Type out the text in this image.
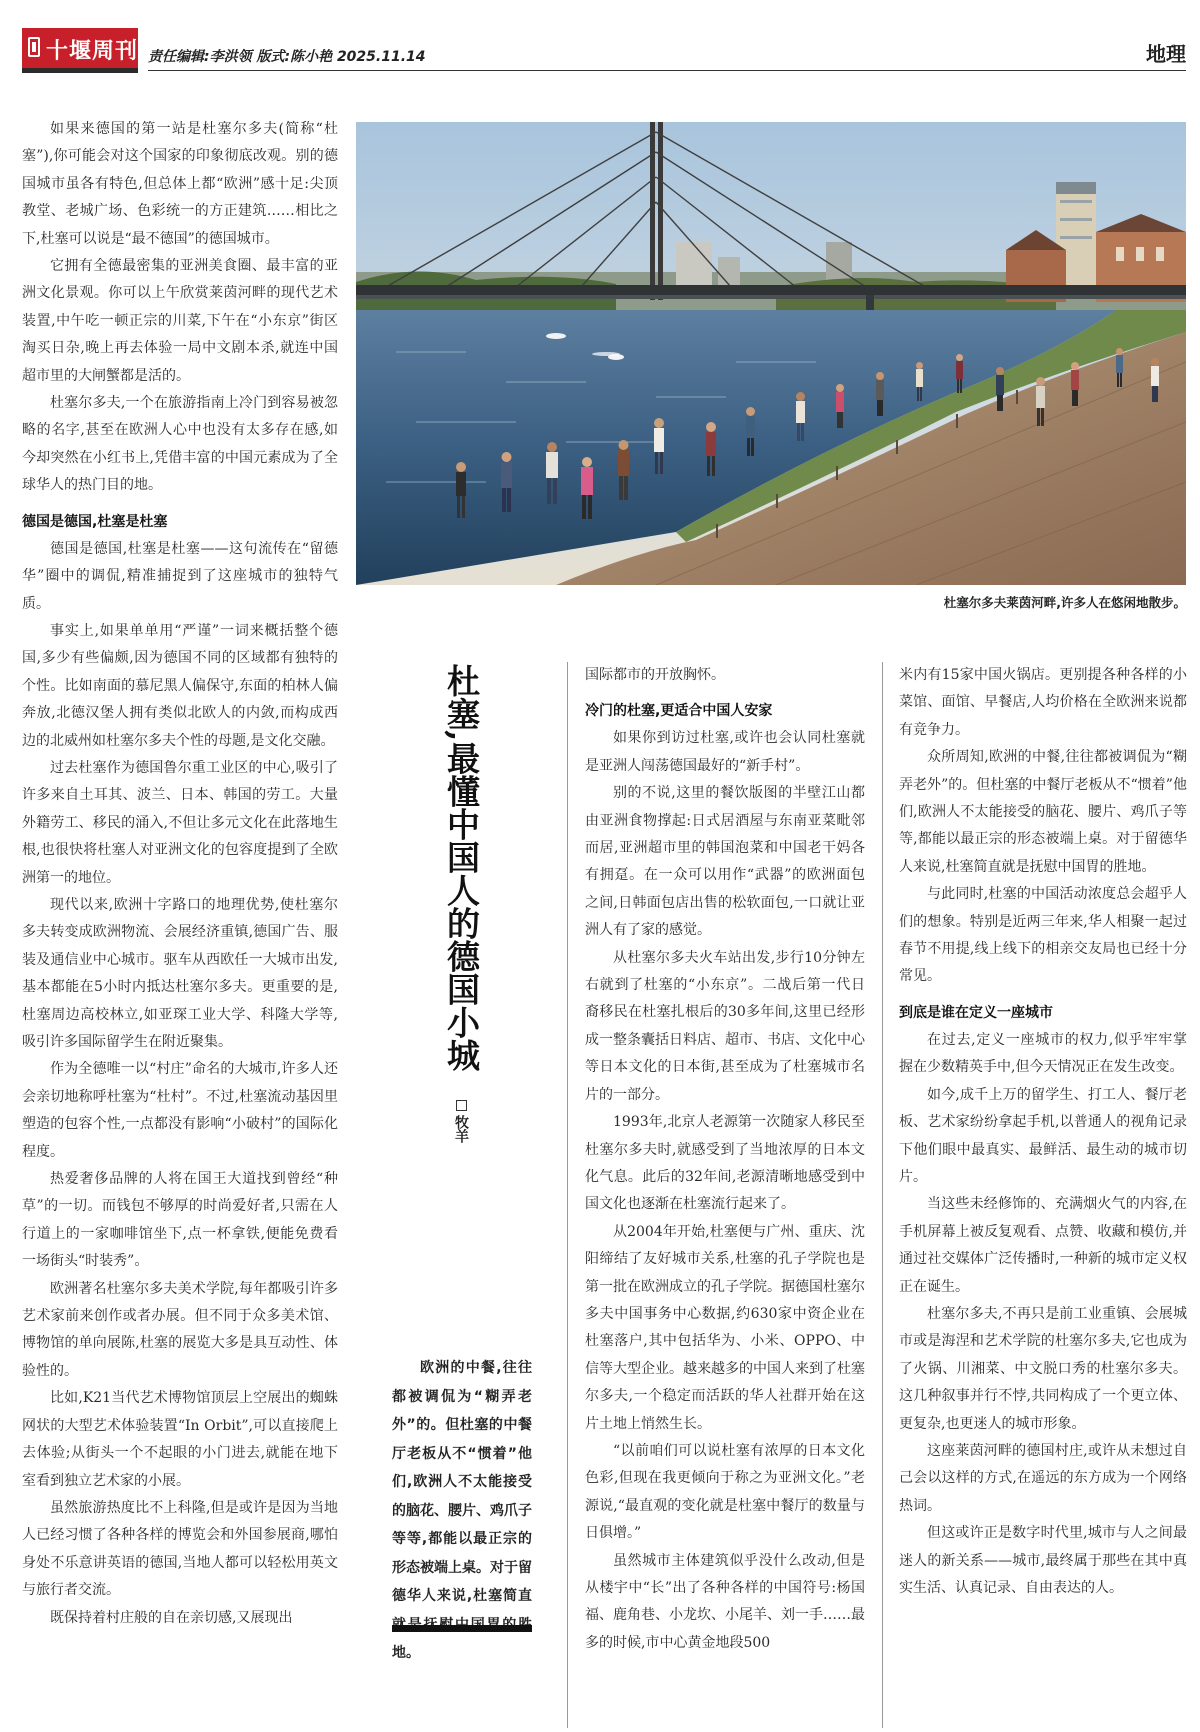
十堰周刊 责任编辑:李洪领 版式:陈小艳 2025.11.14	地理
杜塞尔多夫莱茵河畔,许多人在悠闲地散步。
杜塞,最懂中国人的德国小城
牧羊

欧洲的中餐,往往都被调侃为“糊弄老外”的。但杜塞的中餐厅老板从不“惯着”他们,欧洲人不太能接受的脑花、腰片、鸡爪子等等,都能以最正宗的形态被端上桌。对于留德华人来说,杜塞简直 地。

如果来德国的第一站是杜塞尔多夫(简称“杜塞”),你可能会对这个国家的印象彻底改观。别的德国城市虽各有特色,但总体上都“欧洲”感十足:尖顶教堂、老城广场、色彩统一的方正建筑……相比之下,杜塞可以说是“最不德国”的德国城市。

它拥有全德最密集的亚洲美食圈、最丰富的亚洲文化景观。你可以上午欣赏莱茵河畔的现代艺术装置,中午吃一顿正宗的川菜,下午在“小东京”街区淘买日杂,晚上再去体验一局中文剧本杀,就连中国超市里的大闸蟹都是活的。

杜塞尔多夫,一个在旅游指南上冷门到容易被忽略的名字,甚至在欧洲人心中也没有太多存在感,如今却突然在小红书上,凭借丰富的中国元素成为了全球华人的热门目的地。

德国是德国,杜塞是杜塞

德国是德国,杜塞是杜塞——这句流传在“留德华”圈中的调侃,精准捕捉到了这座城市的独特气质。

事实上,如果单单用“严谨”一词来概括整个德国,多少有些偏颇,因为德国不同的区域都有独特的个性。比如南面的慕尼黑人偏保守,东面的柏林人偏奔放,北德汉堡人拥有类似北欧人的内敛,而构成西边的北威州如杜塞尔多夫个性的母题,是文化交融。

过去杜塞作为德国鲁尔重工业区的中心,吸引了许多来自土耳其、波兰、日本、韩国的劳工。大量外籍劳工、移民的涌入,不但让多元文化在此落地生根,也很快将杜塞人对亚洲文化的包容度提到了全欧洲第一的地位。

现代以来,欧洲十字路口的地理优势,使杜塞尔多夫转变成欧洲物流、会展经济重镇,德国广告、服装及通信业中心城市。驱车从西欧任一大城市出发,基本都能在5小时内抵达杜塞尔多夫。更重要的是,杜塞周边高校林立,如亚琛工业大学、科隆大学等,吸引许多国际留学生在附近聚集。

作为全德唯一以“村庄”命名的大城市,许多人还会亲切地称呼杜塞为“杜村”。不过,杜塞流动基因里塑造的包容个性,一点都没有影响“小破村”的国际化程度。

热爱奢侈品牌的人将在国王大道找到曾经“种草”的一切。而钱包不够厚的时尚爱好者,只需在人行道上的一家咖啡馆坐下,点一杯拿铁,便能免费看一场街头“时装秀”。

欧洲著名杜塞尔多夫美术学院,每年都吸引许多艺术家前来创作或者办展。但不同于众多美术馆、博物馆的单向展陈,杜塞的展览大多是具互动性、体验性的。

比如,K21当代艺术博物馆顶层上空展出的蜘蛛网状的大型艺术体验装置“In Orbit”,可以直接爬上去体验;从街头一个不起眼的小门进去,就能在地下室看到独立艺术家的小展。

虽然旅游热度比不上科隆,但是或许是因为当地人已经习惯了各种各样的博览会和外国参展商,哪怕身处不乐意讲英语的德国,当地人都可以轻松用英文与旅行者交流。

既保持着村庄般的自在亲切感,又展现出

国际都市的开放胸怀。

冷门的杜塞,更适合中国人安家

如果你到访过杜塞,或许也会认同杜塞就是亚洲人闯荡德国最好的“新手村”。

别的不说,这里的餐饮版图的半壁江山都由亚洲食物撑起:日式居酒屋与东南亚菜毗邻而居,亚洲超市里的韩国泡菜和中国老干妈各有拥趸。在一众可以用作“武器”的欧洲面包之间,日韩面包店出售的松软面包,一口就让亚洲人有了家的感觉。

从杜塞尔多夫火车站出发,步行10分钟左右就到了杜塞的“小东京”。二战后第一代日裔移民在杜塞扎根后的30多年间,这里已经形成一整条囊括日料店、超市、书店、文化中心等日本文化的日本街,甚至成为了杜塞城市名片的一部分。

1993年,北京人老源第一次随家人移民至杜塞尔多夫时,就感受到了当地浓厚的日本文化气息。此后的32年间,老源清晰地感受到中国文化也逐渐在杜塞流行起来了。

从2004年开始,杜塞便与广州、重庆、沈阳缔结了友好城市关系,杜塞的孔子学院也是第一批在欧洲成立的孔子学院。据德国杜塞尔多夫中国事务中心数据,约630家中资企业在杜塞落户,其中包括华为、小米、OPPO、中信等大型企业。越来越多的中国人来到了杜塞尔多夫,一个稳定而活跃的华人社群开始在这片土地上悄然生长。

“以前咱们可以说杜塞有浓厚的日本文化色彩,但现在我更倾向于称之为亚洲文化。”老源说,“最直观的变化就是杜塞中餐厅的数量与日俱增。”

虽然城市主体建筑似乎没什么改动,但是从楼宇中“长”出了各种各样的中国符号:杨国福、鹿角巷、小龙坎、小尾羊、刘一手……最多的时候,市中心黄金地段500

米内有15家中国火锅店。更别提各种各样的小菜馆、面馆、早餐店,人均价格在全欧洲来说都有竞争力。

众所周知,欧洲的中餐,往往都被调侃为“糊弄老外”的。但杜塞的中餐厅老板从不“惯着”他们,欧洲人不太能接受的脑花、腰片、鸡爪子等等,都能以最正宗的形态被端上桌。对于留德华人来说,杜塞简直就是抚慰中国胃的胜地。

与此同时,杜塞的中国活动浓度总会超乎人们的想象。特别是近两三年来,华人相聚一起过春节不用提,线上线下的相亲交友局也已经十分常见。

到底是谁在定义一座城市

在过去,定义一座城市的权力,似乎牢牢掌握在少数精英手中,但今天情况正在发生改变。

如今,成千上万的留学生、打工人、餐厅老板、艺术家纷纷拿起手机,以普通人的视角记录下他们眼中最真实、最鲜活、最生动的城市切片。

当这些未经修饰的、充满烟火气的内容,在手机屏幕上被反复观看、点赞、收藏和模仿,并通过社交媒体广泛传播时,一种新的城市定义权正在诞生。

杜塞尔多夫,不再只是前工业重镇、会展城市或是海涅和艺术学院的杜塞尔多夫,它也成为了火锅、川湘菜、中文脱口秀的杜塞尔多夫。这几种叙事并行不悖,共同构成了一个更立体、更复杂,也更迷人的城市形象。

这座莱茵河畔的德国村庄,或许从未想过自己会以这样的方式,在遥远的东方成为一个网络热词。

但这或许正是数字时代里,城市与人之间最迷人的新关系——城市,最终属于那些在其中真实生活、认真记录、自由表达的人。
